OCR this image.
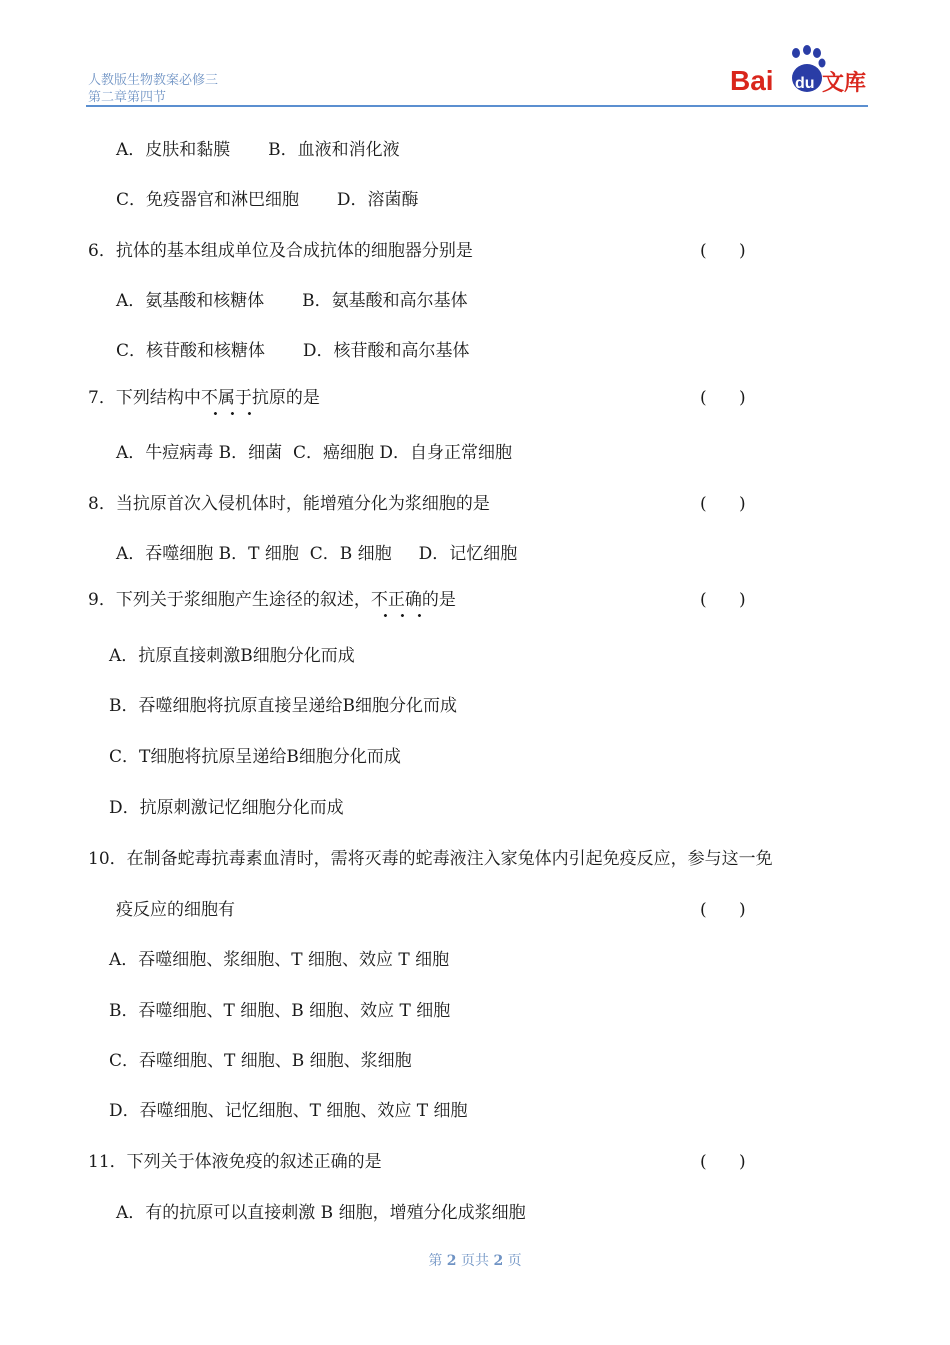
人教版生物教案必修三
第二章第四节
Bai du 文库
A．皮肤和黏膜       B．血液和消化液
C．免疫器官和淋巴细胞       D．溶菌酶
6．抗体的基本组成单位及合成抗体的细胞器分别是	(      )
A．氨基酸和核糖体       B．氨基酸和高尔基体
C．核苷酸和核糖体       D．核苷酸和高尔基体
7．下列结构中不属于抗原的是	(      )
A．牛痘病毒 B．细菌  C．癌细胞 D．自身正常细胞
8．当抗原首次入侵机体时，能增殖分化为浆细胞的是	(      )
A．吞噬细胞 B．T 细胞  C．B 细胞     D．记忆细胞
9．下列关于浆细胞产生途径的叙述，不正确的是	(      )
A．抗原直接刺激B细胞分化而成
B．吞噬细胞将抗原直接呈递给B细胞分化而成
C．T细胞将抗原呈递给B细胞分化而成
D．抗原刺激记忆细胞分化而成
10．在制备蛇毒抗毒素血清时，需将灭毒的蛇毒液注入家兔体内引起免疫反应，参与这一免
疫反应的细胞有	(      )
A．吞噬细胞、浆细胞、T 细胞、效应 T 细胞
B．吞噬细胞、T 细胞、B 细胞、效应 T 细胞
C．吞噬细胞、T 细胞、B 细胞、浆细胞
D．吞噬细胞、记忆细胞、T 细胞、效应 T 细胞
11．下列关于体液免疫的叙述正确的是	(      )
A．有的抗原可以直接刺激 B 细胞，增殖分化成浆细胞
第 2 页共 2 页
